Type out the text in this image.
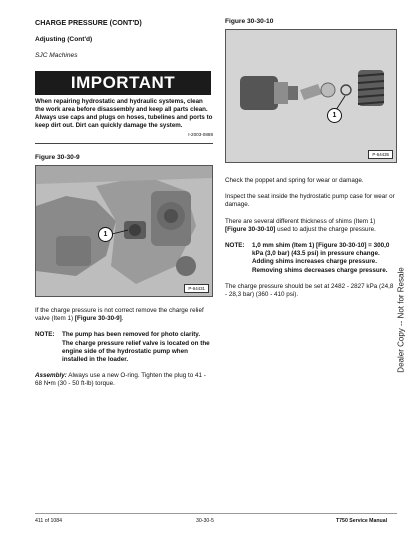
CHARGE PRESSURE (CONT'D)
Adjusting (Cont'd)
SJC Machines
IMPORTANT
When repairing hydrostatic and hydraulic systems, clean the work area before disassembly and keep all parts clean. Always use caps and plugs on hoses, tubelines and ports to keep dirt out. Dirt can quickly damage the system.
I-2003-0888
Figure 30-30-9
1
P-64431
If the charge pressure is not correct remove the charge relief valve (Item 1) [Figure 30-30-9].
NOTE:	The pump has been removed for photo clarity. The charge pressure relief valve is located on the engine side of the hydrostatic pump when installed in the loader.
Assembly: Always use a new O-ring. Tighten the plug to 41 - 68 N•m (30 - 50 ft-lb) torque.
Figure 30-30-10
1
P-64435
Check the poppet and spring for wear or damage.
Inspect the seat inside the hydrostatic pump case for wear or damage.
There are several different thickness of shims (Item 1) [Figure 30-30-10] used to adjust the charge pressure.
NOTE:	1,0 mm shim (Item 1) [Figure 30-30-10] = 300,0 kPa (3,0 bar) (43.5 psi) in pressure change. Adding shims increases charge pressure. Removing shims decreases charge pressure.
The charge pressure should be set at 2482 - 2827 kPa (24,8 - 28,3 bar) (360 - 410 psi).	Dealer Copy -- Not for Resale
411 of 1084	30-30-5	T750 Service Manual
